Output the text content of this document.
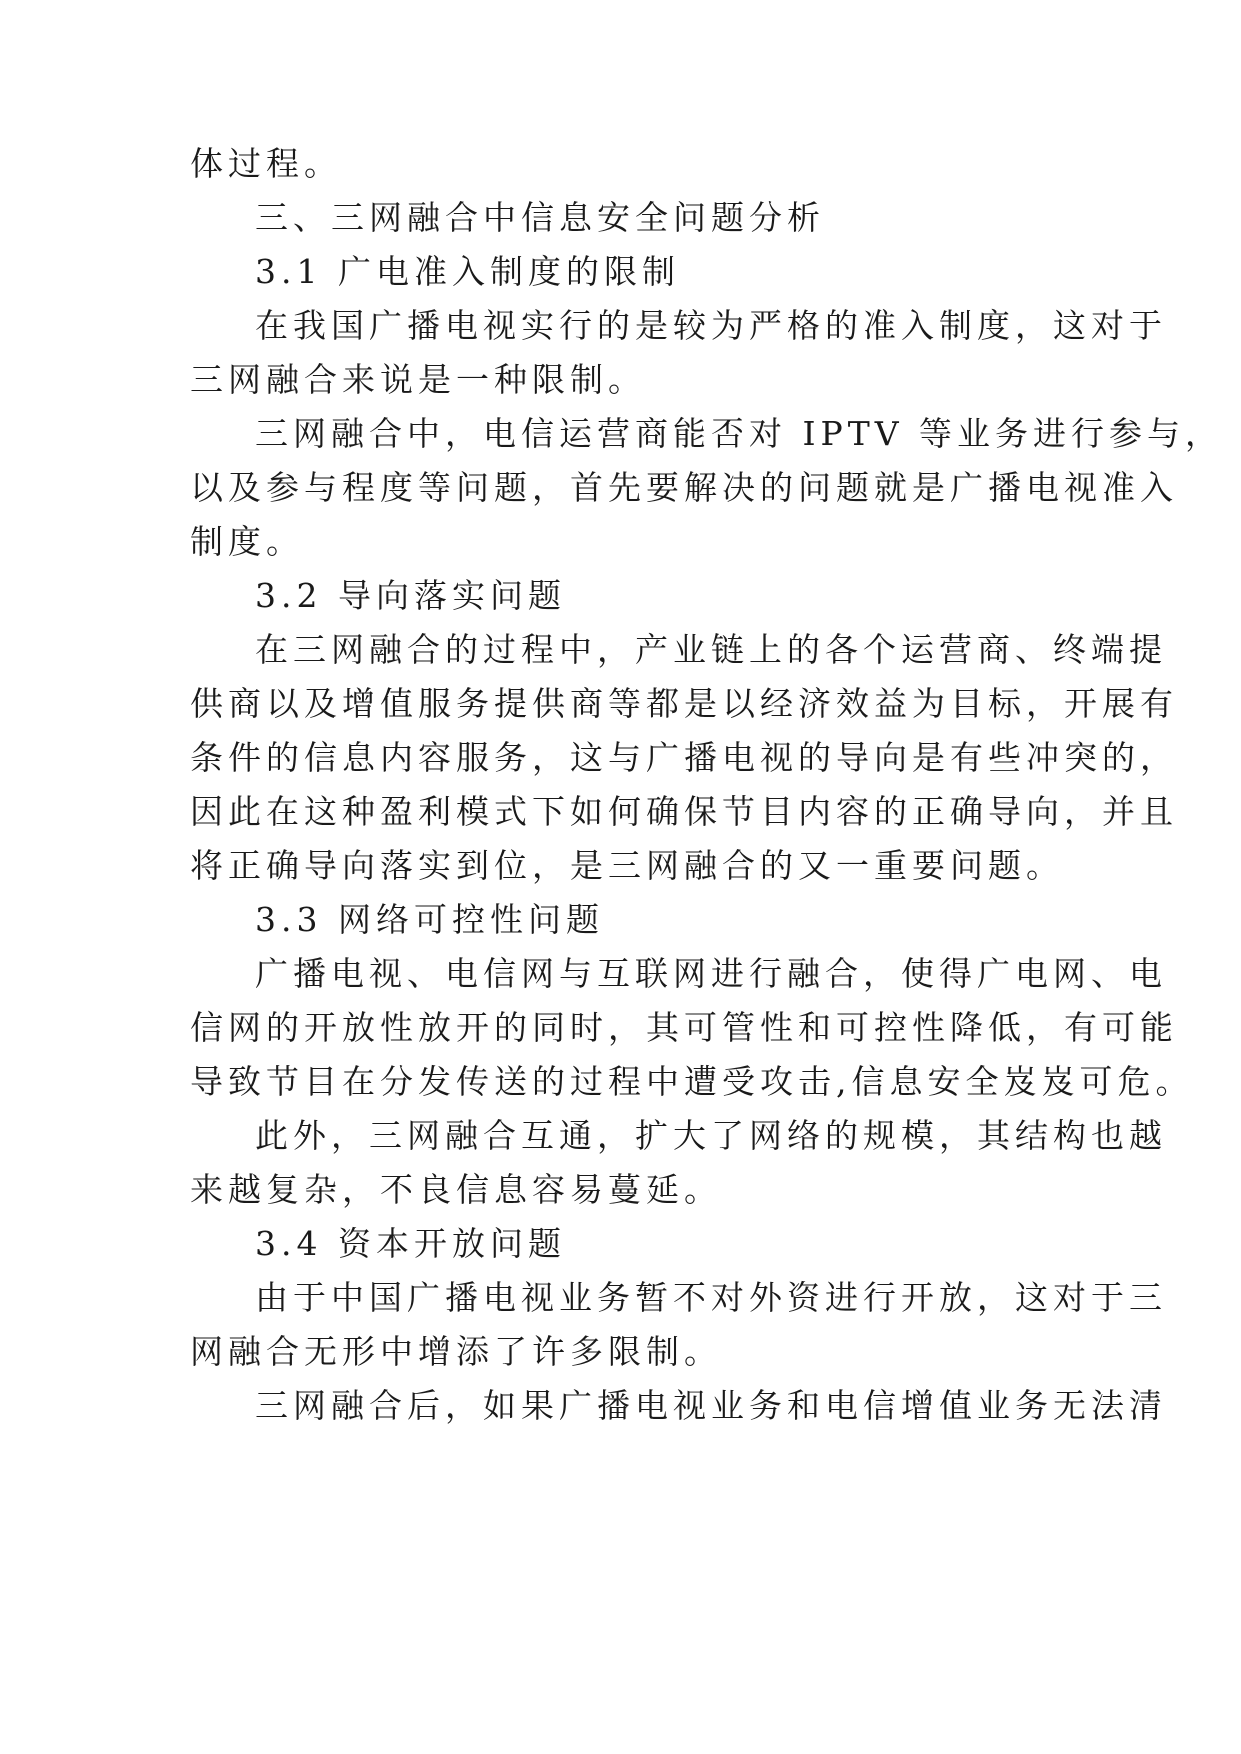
体过程。
三、三网融合中信息安全问题分析
3.1 广电准入制度的限制
在我国广播电视实行的是较为严格的准入制度，这对于
三网融合来说是一种限制。
三网融合中，电信运营商能否对 IPTV 等业务进行参与，
以及参与程度等问题，首先要解决的问题就是广播电视准入
制度。
3.2 导向落实问题
在三网融合的过程中，产业链上的各个运营商、终端提
供商以及增值服务提供商等都是以经济效益为目标，开展有
条件的信息内容服务，这与广播电视的导向是有些冲突的，
因此在这种盈利模式下如何确保节目内容的正确导向，并且
将正确导向落实到位，是三网融合的又一重要问题。
3.3 网络可控性问题
广播电视、电信网与互联网进行融合，使得广电网、电
信网的开放性放开的同时，其可管性和可控性降低，有可能
导致节目在分发传送的过程中遭受攻击,信息安全岌岌可危。
此外，三网融合互通，扩大了网络的规模，其结构也越
来越复杂，不良信息容易蔓延。
3.4 资本开放问题
由于中国广播电视业务暂不对外资进行开放，这对于三
网融合无形中增添了许多限制。
三网融合后，如果广播电视业务和电信增值业务无法清
